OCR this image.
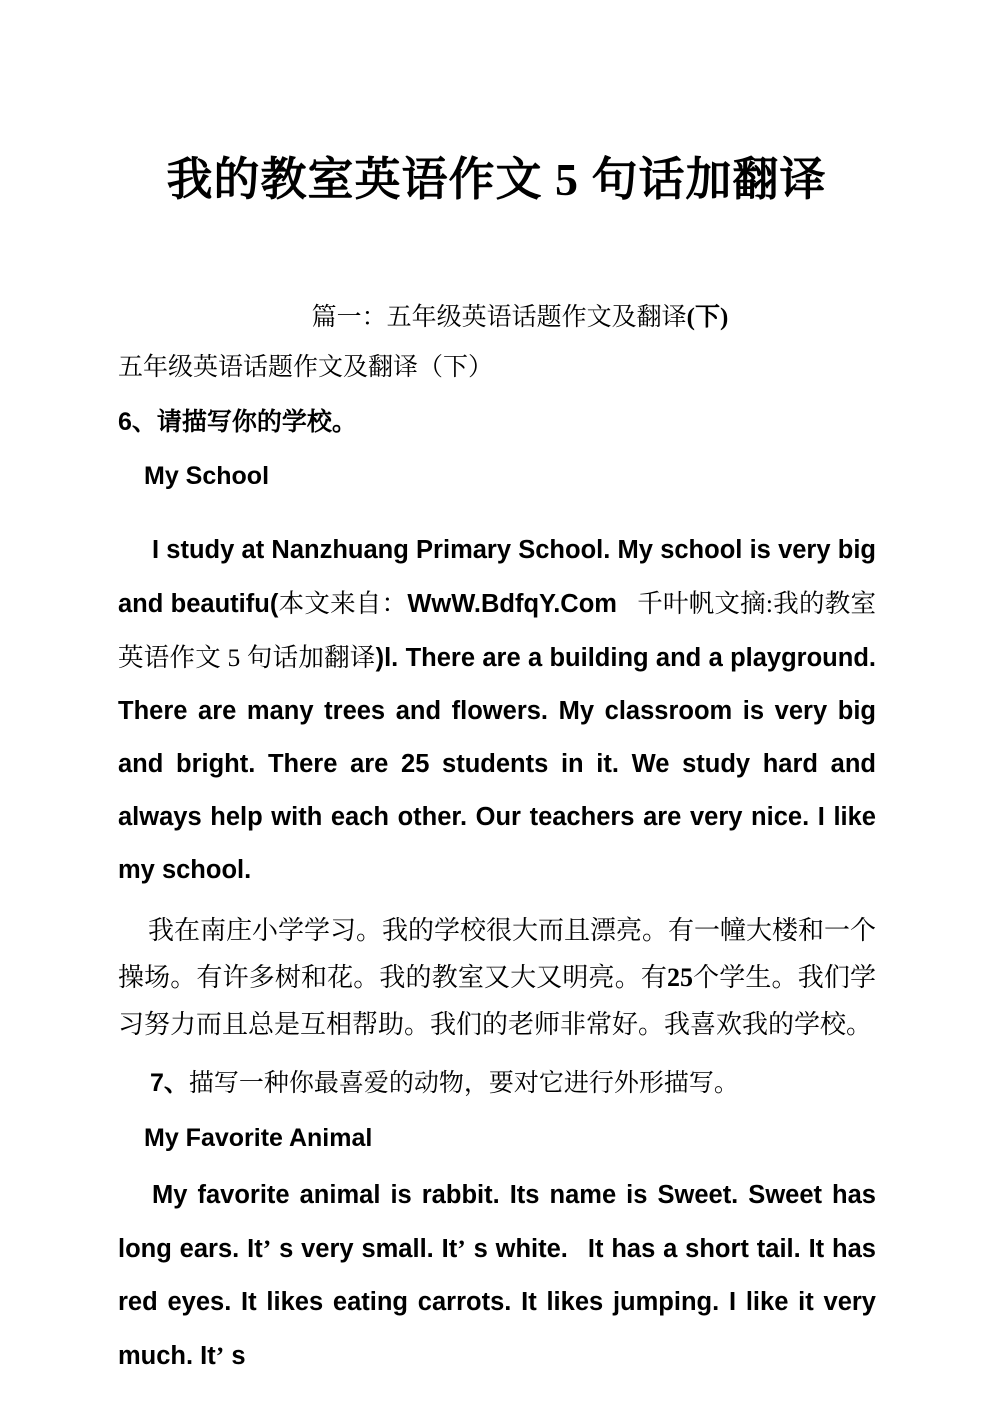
我的教室英语作文 5 句话加翻译
篇一：五年级英语话题作文及翻译(下)
五年级英语话题作文及翻译（下）
6、请描写你的学校。
My School

I study at Nanzhuang Primary School. My school is very big and beautifu(本文来自：WwW.BdfqY.Com 千叶帆文摘:我的教室英语作文 5 句话加翻译)l. There are a building and a playground. There are many trees and flowers. My classroom is very big and bright. There are 25 students in it. We study hard and always help with each other. Our teachers are very nice. I like my school.

我在南庄小学学习。我的学校很大而且漂亮。有一幢大楼和一个操场。有许多树和花。我的教室又大又明亮。有25个学生。我们学习努力而且总是互相帮助。我们的老师非常好。我喜欢我的学校。

7、描写一种你最喜爱的动物，要对它进行外形描写。
My Favorite Animal

My favorite animal is rabbit. Its name is Sweet. Sweet has long ears. It’ s very small. It’ s white. It has a short tail. It has red eyes. It likes eating carrots. It likes jumping. I like it very much. It’ s
